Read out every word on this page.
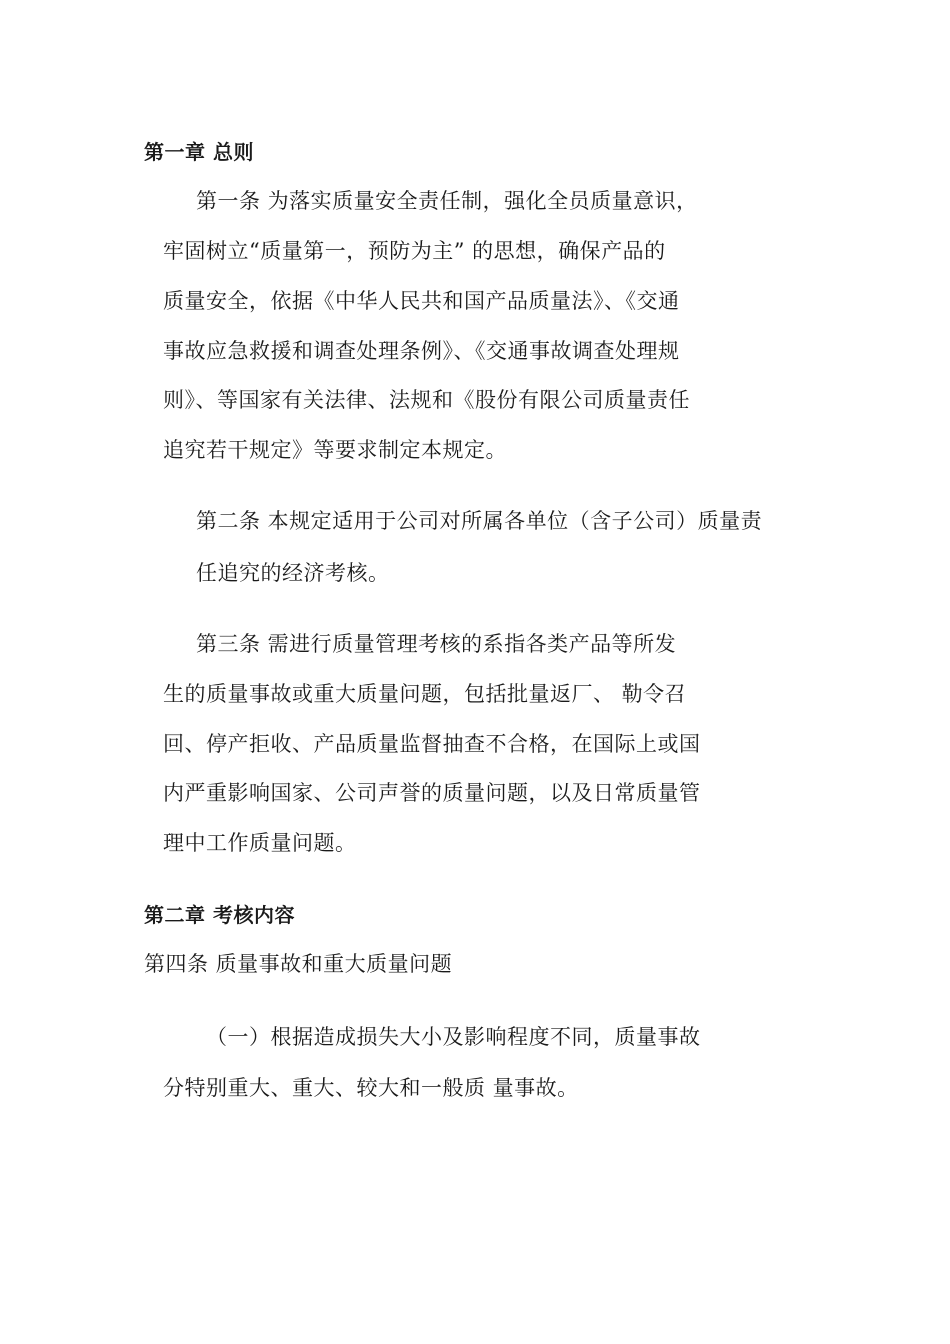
第一章 总则
第一条 为落实质量安全责任制，强化全员质量意识，
牢固树立“质量第一，预防为主” 的思想，确保产品的
质量安全，依据《中华人民共和国产品质量法》、《交通
事故应急救援和调查处理条例》、《交通事故调查处理规
则》、等国家有关法律、法规和《股份有限公司质量责任
追究若干规定》等要求制定本规定。
第二条 本规定适用于公司对所属各单位（含子公司）质量责
任追究的经济考核。
第三条 需进行质量管理考核的系指各类产品等所发
生的质量事故或重大质量问题，包括批量返厂、 勒令召
回、停产拒收、产品质量监督抽查不合格，在国际上或国
内严重影响国家、公司声誉的质量问题，以及日常质量管
理中工作质量问题。
第二章 考核内容
第四条 质量事故和重大质量问题
（一）根据造成损失大小及影响程度不同，质量事故
分特别重大、重大、较大和一般质 量事故。
